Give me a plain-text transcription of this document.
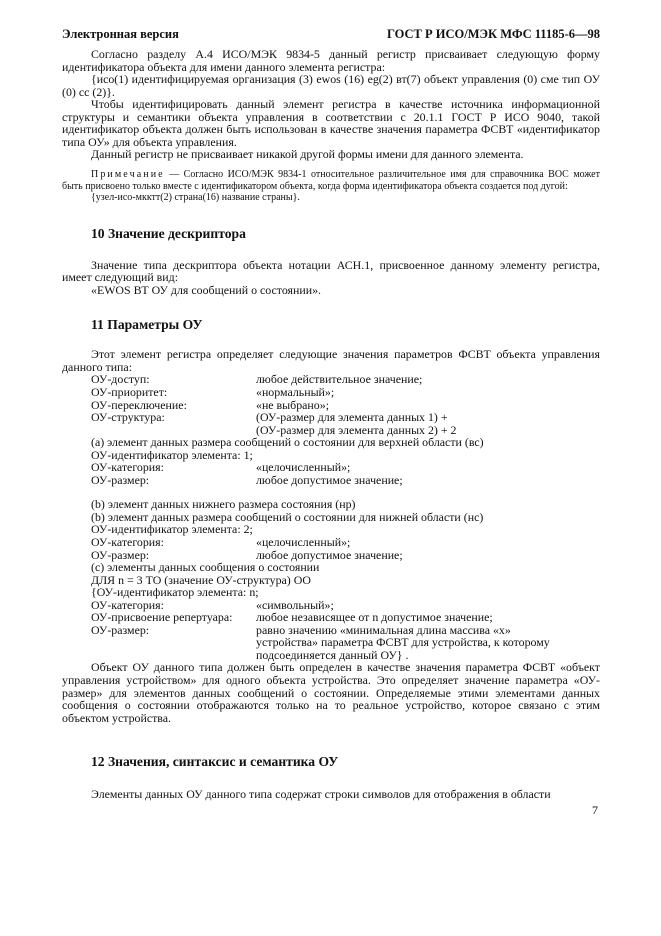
Электронная версия	ГОСТ Р ИСО/МЭК МФС 11185-6—98

Согласно разделу А.4 ИСО/МЭК 9834-5 данный регистр присваивает следующую форму идентификатора объекта для имени данного элемента регистра:

{исо(1) идентифицируемая организация (3) ewos (16) eg(2) вт(7) объект управления (0) сме тип ОУ (0) сс (2)}.

Чтобы идентифицировать данный элемент регистра в качестве источника информационной структуры и семантики объекта управления в соответствии с 20.1.1 ГОСТ Р ИСО 9040, такой идентификатор объекта должен быть использован в качестве значения параметра ФСВТ «идентификатор типа ОУ» для объекта управления.

Данный регистр не присваивает никакой другой формы имени для данного элемента.

Примечание — Согласно ИСО/МЭК 9834-1 относительное различительное имя для справочника ВОС может быть присвоено только вместе с идентификатором объекта, когда форма идентификатора объекта создается под дугой:

{узел-исо-мкктт(2) страна(16) название страны}.

10 Значение дескриптора

Значение типа дескриптора объекта нотации АСН.1, присвоенное данному элементу регистра, имеет следующий вид:

«EWOS ВТ ОУ для сообщений о состоянии».

11 Параметры ОУ

Этот элемент регистра определяет следующие значения параметров ФСВТ объекта управления данного типа:

ОУ-доступ:	любое действительное значение;
ОУ-приоритет:	«нормальный»;
ОУ-переключение:	«не выбрано»;
ОУ-структура:	(ОУ-размер для элемента данных 1) +
(ОУ-размер для элемента данных 2) + 2
(а) элемент данных размера сообщений о состоянии для верхней области (вс)
ОУ-идентификатор элемента: 1;
ОУ-категория:	«целочисленный»;
ОУ-размер:	любое допустимое значение;
(b) элемент данных нижнего размера состояния (нр)
(b) элемент данных размера сообщений о состоянии для нижней области (нс)
ОУ-идентификатор элемента: 2;
ОУ-категория:	«целочисленный»;
ОУ-размер:	любое допустимое значение;
(с) элементы данных сообщения о состоянии
ДЛЯ n = 3 ТО (значение ОУ-структура) ОО
{ОУ-идентификатор элемента: n;
ОУ-категория:	«символьный»;
ОУ-присвоение репертуара:	любое независящее от n допустимое значение;
ОУ-размер:	равно значению «минимальная длина массива «x»
устройства» параметра ФСВТ для устройства, к которому
подсоединяется данный ОУ} .

Объект ОУ данного типа должен быть определен в качестве значения параметра ФСВТ «объект управления устройством» для одного объекта устройства. Это определяет значение параметра «ОУ-размер» для элементов данных сообщений о состоянии. Определяемые этими элементами данных сообщения о состоянии отображаются только на то реальное устройство, которое связано с этим объектом устройства.

12 Значения, синтаксис и семантика ОУ

Элементы данных ОУ данного типа содержат строки символов для отображения в области

7
